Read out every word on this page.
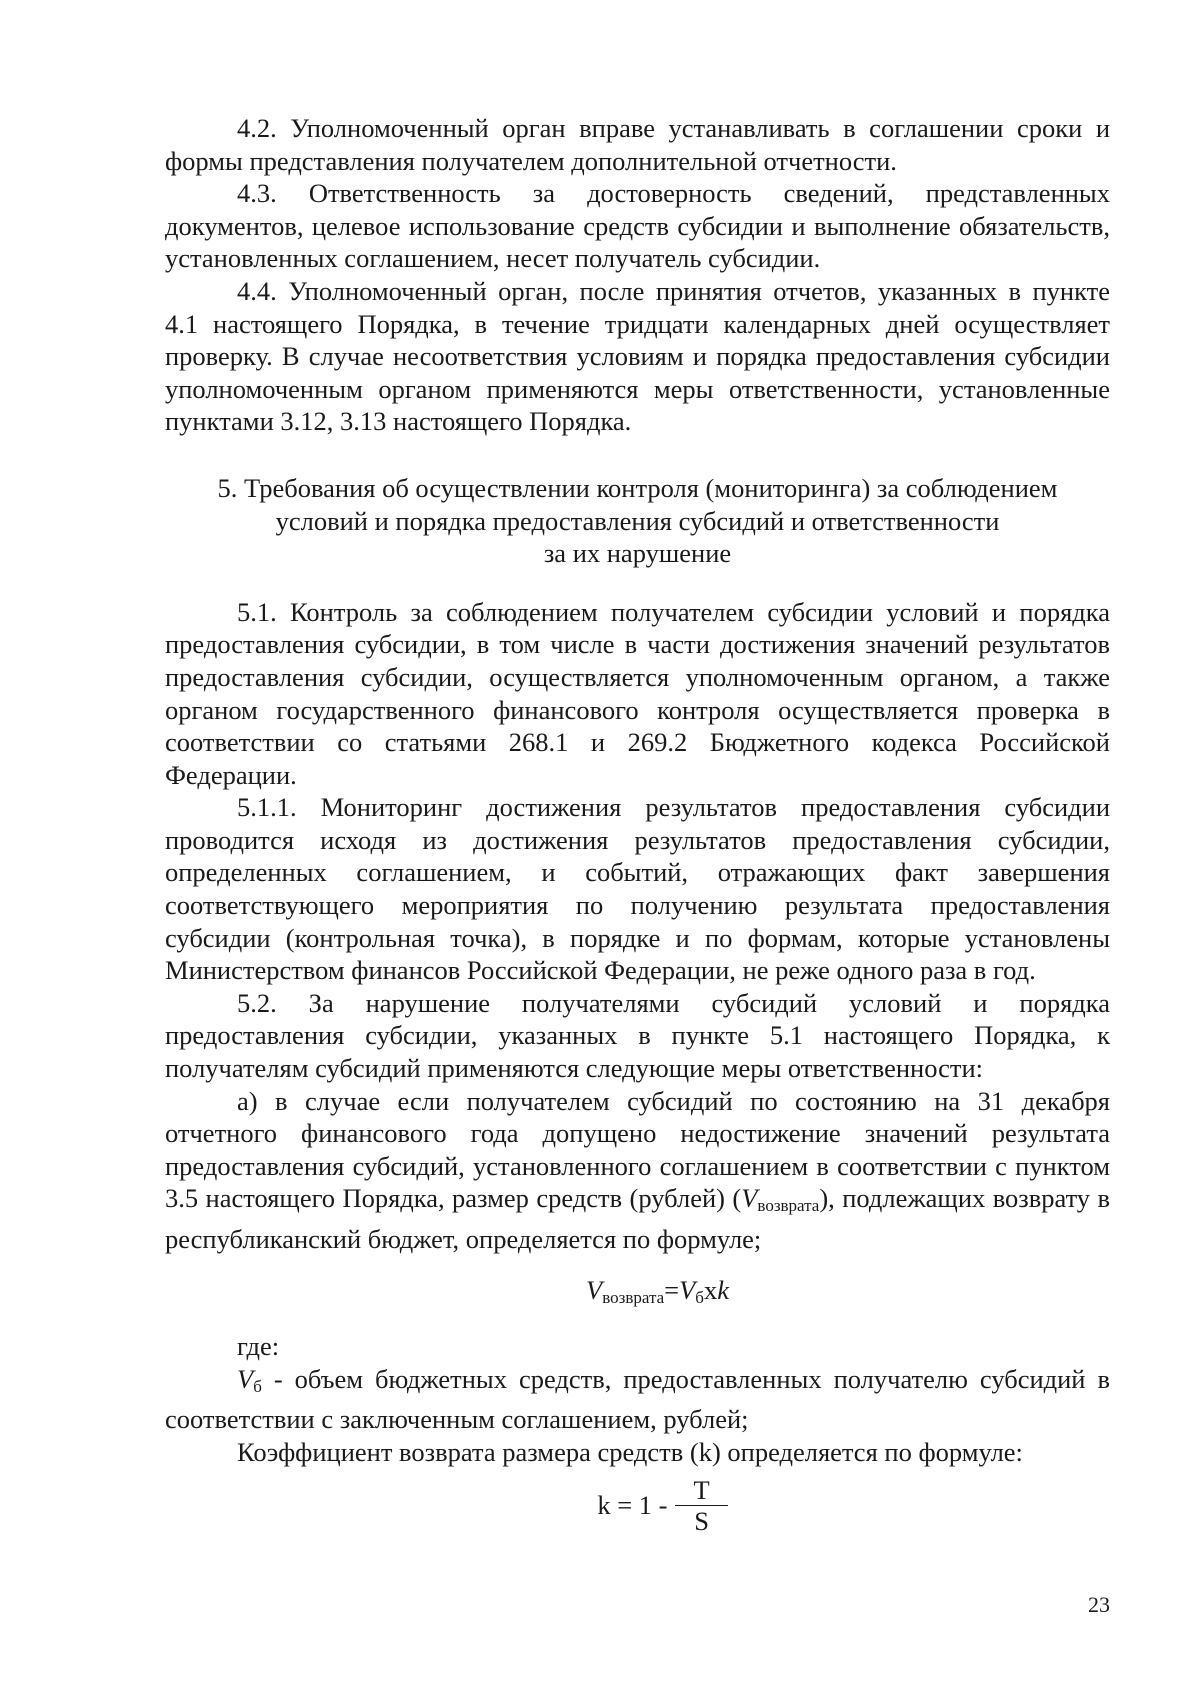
4.2. Уполномоченный орган вправе устанавливать в соглашении сроки и формы представления получателем дополнительной отчетности.

4.3. Ответственность за достоверность сведений, представленных документов, целевое использование средств субсидии и выполнение обязательств, установленных соглашением, несет получатель субсидии.

4.4. Уполномоченный орган, после принятия отчетов, указанных в пункте 4.1 настоящего Порядка, в течение тридцати календарных дней осуществляет проверку. В случае несоответствия условиям и порядка предоставления субсидии уполномоченным органом применяются меры ответственности, установленные пунктами 3.12, 3.13 настоящего Порядка.

5. Требования об осуществлении контроля (мониторинга) за соблюдением
условий и порядка предоставления субсидий и ответственности
за их нарушение

5.1. Контроль за соблюдением получателем субсидии условий и порядка предоставления субсидии, в том числе в части достижения значений результатов предоставления субсидии, осуществляется уполномоченным органом, а также органом государственного финансового контроля осуществляется проверка в соответствии со статьями 268.1 и 269.2 Бюджетного кодекса Российской Федерации.

5.1.1. Мониторинг достижения результатов предоставления субсидии проводится исходя из достижения результатов предоставления субсидии, определенных соглашением, и событий, отражающих факт завершения соответствующего мероприятия по получению результата предоставления субсидии (контрольная точка), в порядке и по формам, которые установлены Министерством финансов Российской Федерации, не реже одного раза в год.

5.2. За нарушение получателями субсидий условий и порядка предоставления субсидии, указанных в пункте 5.1 настоящего Порядка, к получателям субсидий применяются следующие меры ответственности:

а) в случае если получателем субсидий по состоянию на 31 декабря отчетного финансового года допущено недостижение значений результата предоставления субсидий, установленного соглашением в соответствии с пунктом 3.5 настоящего Порядка, размер средств (рублей) (Vвозврата), подлежащих возврату в республиканский бюджет, определяется по формуле;

$V_{возврата}=V_бхk$

где:

Vб - объем бюджетных средств, предоставленных получателю субсидий в соответствии с заключенным соглашением, рублей;

Коэффициент возврата размера средств (k) определяется по формуле:

$k = 1 - \frac{T}{S}$
23
